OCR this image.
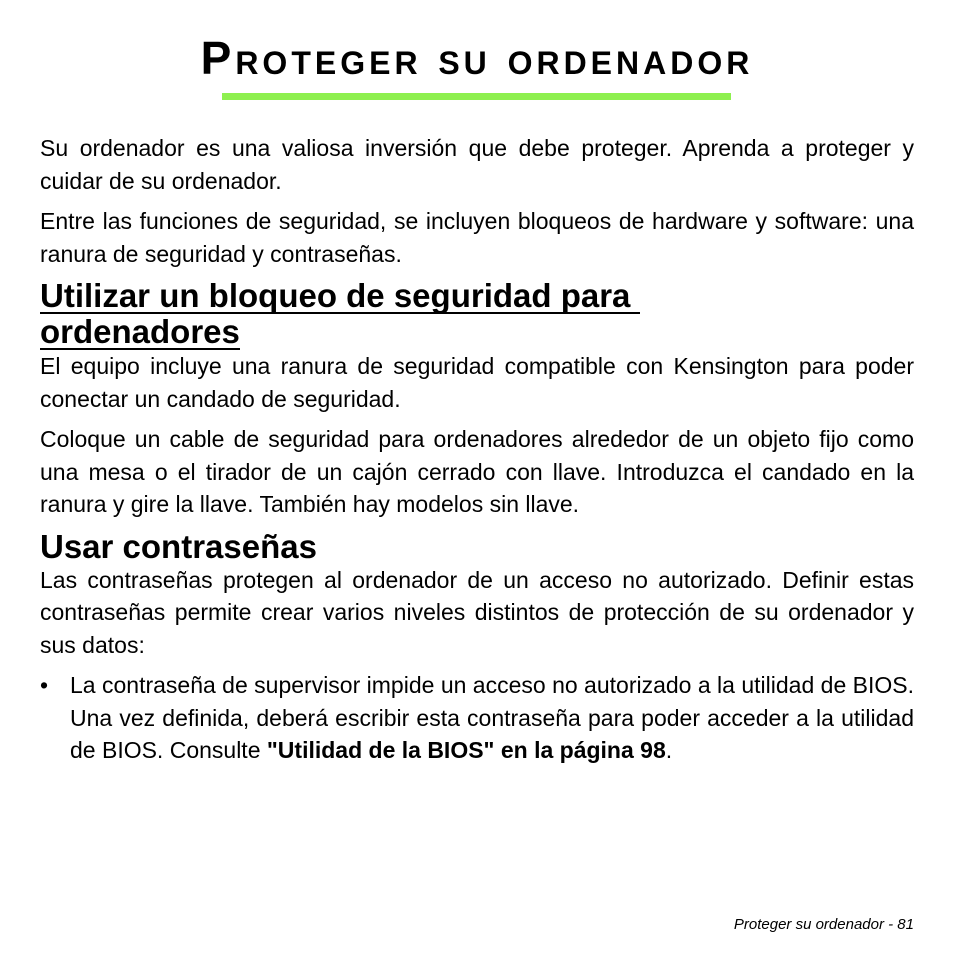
Proteger su ordenador

Su ordenador es una valiosa inversión que debe proteger. Aprenda a proteger y cuidar de su ordenador.

Entre las funciones de seguridad, se incluyen bloqueos de hardware y software: una ranura de seguridad y contraseñas.

Utilizar un bloqueo de seguridad para
ordenadores

El equipo incluye una ranura de seguridad compatible con Kensington para poder conectar un candado de seguridad.

Coloque un cable de seguridad para ordenadores alrededor de un objeto fijo como una mesa o el tirador de un cajón cerrado con llave. Introduzca el candado en la ranura y gire la llave. También hay modelos sin llave.

Usar contraseñas

Las contraseñas protegen al ordenador de un acceso no autorizado. Definir estas contraseñas permite crear varios niveles distintos de protección de su ordenador y sus datos:

• La contraseña de supervisor impide un acceso no autorizado a la utilidad de BIOS. Una vez definida, deberá escribir esta contraseña para poder acceder a la utilidad de BIOS. Consulte "Utilidad de la BIOS" en la página 98.
Proteger su ordenador - 81
